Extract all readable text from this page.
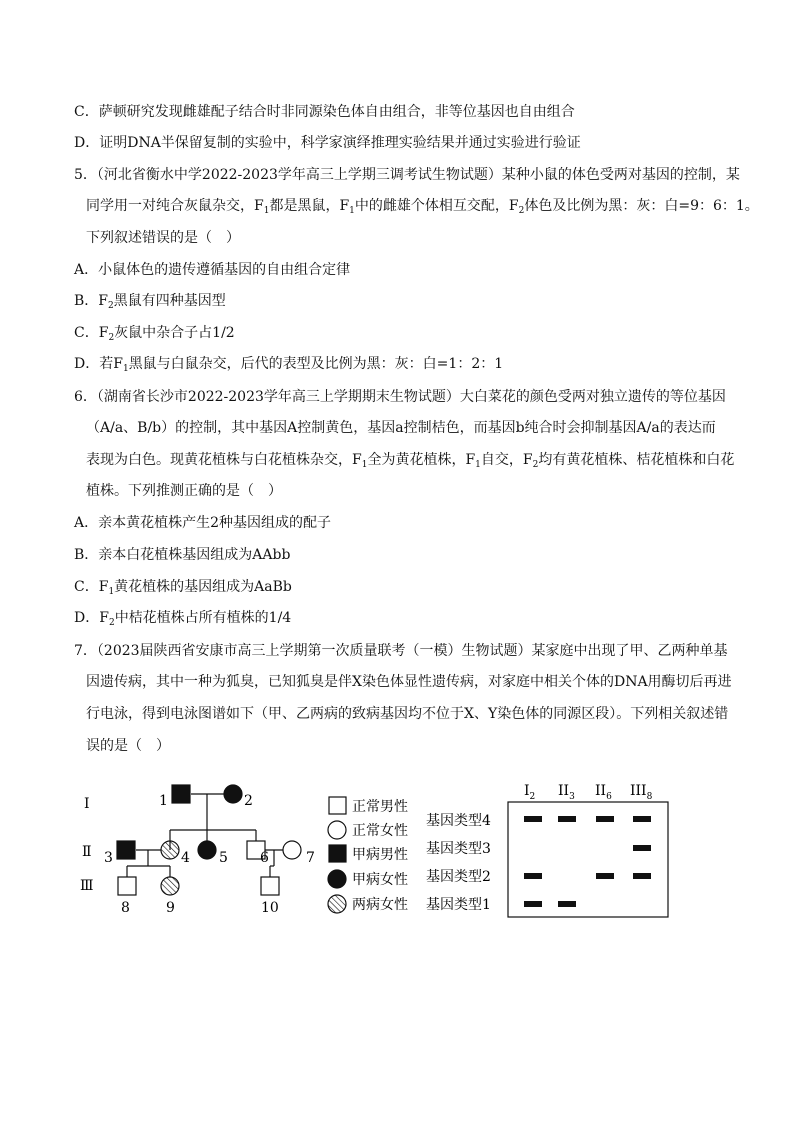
C．萨顿研究发现雌雄配子结合时非同源染色体自由组合，非等位基因也自由组合
D．证明DNA半保留复制的实验中，科学家演绎推理实验结果并通过实验进行验证
5．（河北省衡水中学2022-2023学年高三上学期三调考试生物试题）某种小鼠的体色受两对基因的控制，某
同学用一对纯合灰鼠杂交，$F_1$都是黑鼠，$F_1$中的雌雄个体相互交配，$F_2$体色及比例为黑：灰：白=9：6：1。
下列叙述错误的是（　）
A．小鼠体色的遗传遵循基因的自由组合定律
B．$F_2$黑鼠有四种基因型
C．$F_2$灰鼠中杂合子占1/2
D．若$F_1$黑鼠与白鼠杂交，后代的表型及比例为黑：灰：白=1：2：1
6．（湖南省长沙市2022-2023学年高三上学期期末生物试题）大白菜花的颜色受两对独立遗传的等位基因
（A/a、B/b）的控制，其中基因A控制黄色，基因a控制桔色，而基因b纯合时会抑制基因A/a的表达而
表现为白色。现黄花植株与白花植株杂交，$F_1$全为黄花植株，$F_1$自交，$F_2$均有黄花植株、桔花植株和白花
植株。下列推测正确的是（　）
A．亲本黄花植株产生2种基因组成的配子
B．亲本白花植株基因组成为AAbb
C．$F_1$黄花植株的基因组成为AaBb
D．$F_2$中桔花植株占所有植株的1/4
7．（2023届陕西省安康市高三上学期第一次质量联考（一模）生物试题）某家庭中出现了甲、乙两种单基
因遗传病，其中一种为狐臭，已知狐臭是伴X染色体显性遗传病，对家庭中相关个体的DNA用酶切后再进
行电泳，得到电泳图谱如下（甲、乙两病的致病基因均不位于X、Y染色体的同源区段）。下列相关叙述错
误的是（　）
Ⅰ
Ⅱ
Ⅲ
1	2
3	4 5 6	7
8	9	10
正常男性
正常女性
甲病男性
甲病女性
两病女性
$I_2$ $II_3$ $II_6$ $III_8$
基因类型4
基因类型3
基因类型2
基因类型1
